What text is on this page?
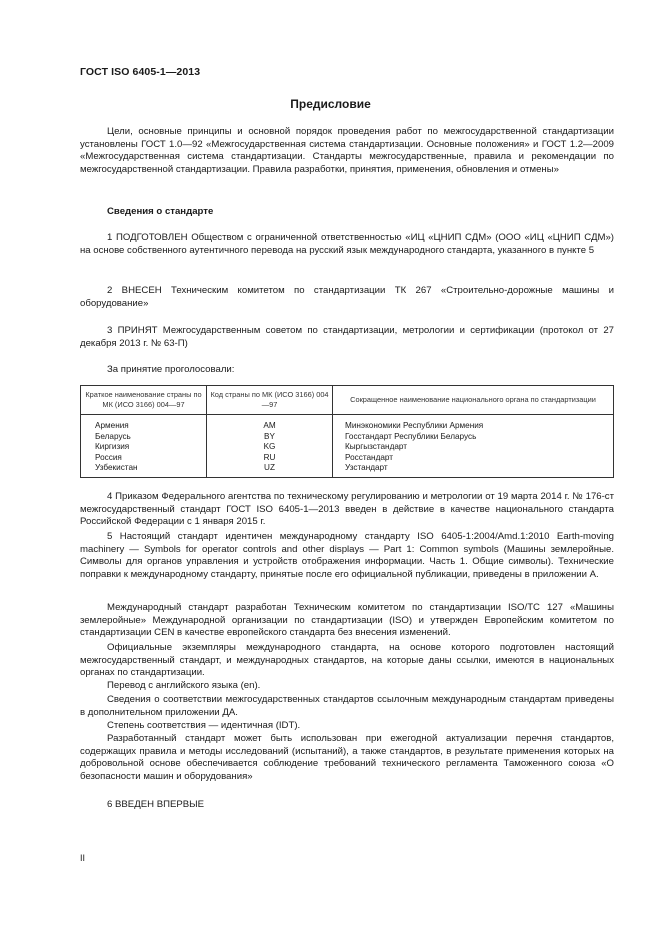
ГОСТ ISO 6405-1—2013
Предисловие

Цели, основные принципы и основной порядок проведения работ по межгосударственной стандартизации установлены ГОСТ 1.0—92 «Межгосударственная система стандартизации. Основные положения» и ГОСТ 1.2—2009 «Межгосударственная система стандартизации. Стандарты межгосударственные, правила и рекомендации по межгосударственной стандартизации. Правила разработки, принятия, применения, обновления и отмены»

Сведения о стандарте

1 ПОДГОТОВЛЕН Обществом с ограниченной ответственностью «ИЦ «ЦНИП СДМ» (ООО «ИЦ «ЦНИП СДМ») на основе собственного аутентичного перевода на русский язык международного стандарта, указанного в пункте 5

2 ВНЕСЕН Техническим комитетом по стандартизации ТК 267 «Строительно-дорожные машины и оборудование»

3 ПРИНЯТ Межгосударственным советом по стандартизации, метрологии и сертификации (протокол от 27 декабря 2013 г. № 63-П)

За принятие проголосовали:

Краткое наименование страны по МК (ИСО 3166) 004—97	Код страны по МК (ИСО 3166) 004—97	Сокращенное наименование национального органа по стандартизации
Армения	AM	Минэкономики Республики Армения
Беларусь	BY	Госстандарт Республики Беларусь
Киргизия	KG	Кыргызстандарт
Россия	RU	Росстандарт
Узбекистан	UZ	Узстандарт

4 Приказом Федерального агентства по техническому регулированию и метрологии от 19 марта 2014 г. № 176-ст межгосударственный стандарт ГОСТ ISO 6405-1—2013 введен в действие в качестве национального стандарта Российской Федерации с 1 января 2015 г.

5 Настоящий стандарт идентичен международному стандарту ISO 6405-1:2004/Amd.1:2010 Earth-moving machinery — Symbols for operator controls and other displays — Part 1: Common symbols (Машины землеройные. Символы для органов управления и устройств отображения информации. Часть 1. Общие символы). Технические поправки к международному стандарту, принятые после его официальной публикации, приведены в приложении А.

Международный стандарт разработан Техническим комитетом по стандартизации ISO/TC 127 «Машины землеройные» Международной организации по стандартизации (ISO) и утвержден Европейским комитетом по стандартизации CEN в качестве европейского стандарта без внесения изменений.

Официальные экземпляры международного стандарта, на основе которого подготовлен настоящий межгосударственный стандарт, и международных стандартов, на которые даны ссылки, имеются в национальных органах по стандартизации.

Перевод с английского языка (en).

Сведения о соответствии межгосударственных стандартов ссылочным международным стандартам приведены в дополнительном приложении ДА.

Степень соответствия — идентичная (IDT).

Разработанный стандарт может быть использован при ежегодной актуализации перечня стандартов, содержащих правила и методы исследований (испытаний), а также стандартов, в результате применения которых на добровольной основе обеспечивается соблюдение требований технического регламента Таможенного союза «О безопасности машин и оборудования»

6 ВВЕДЕН ВПЕРВЫЕ

II
